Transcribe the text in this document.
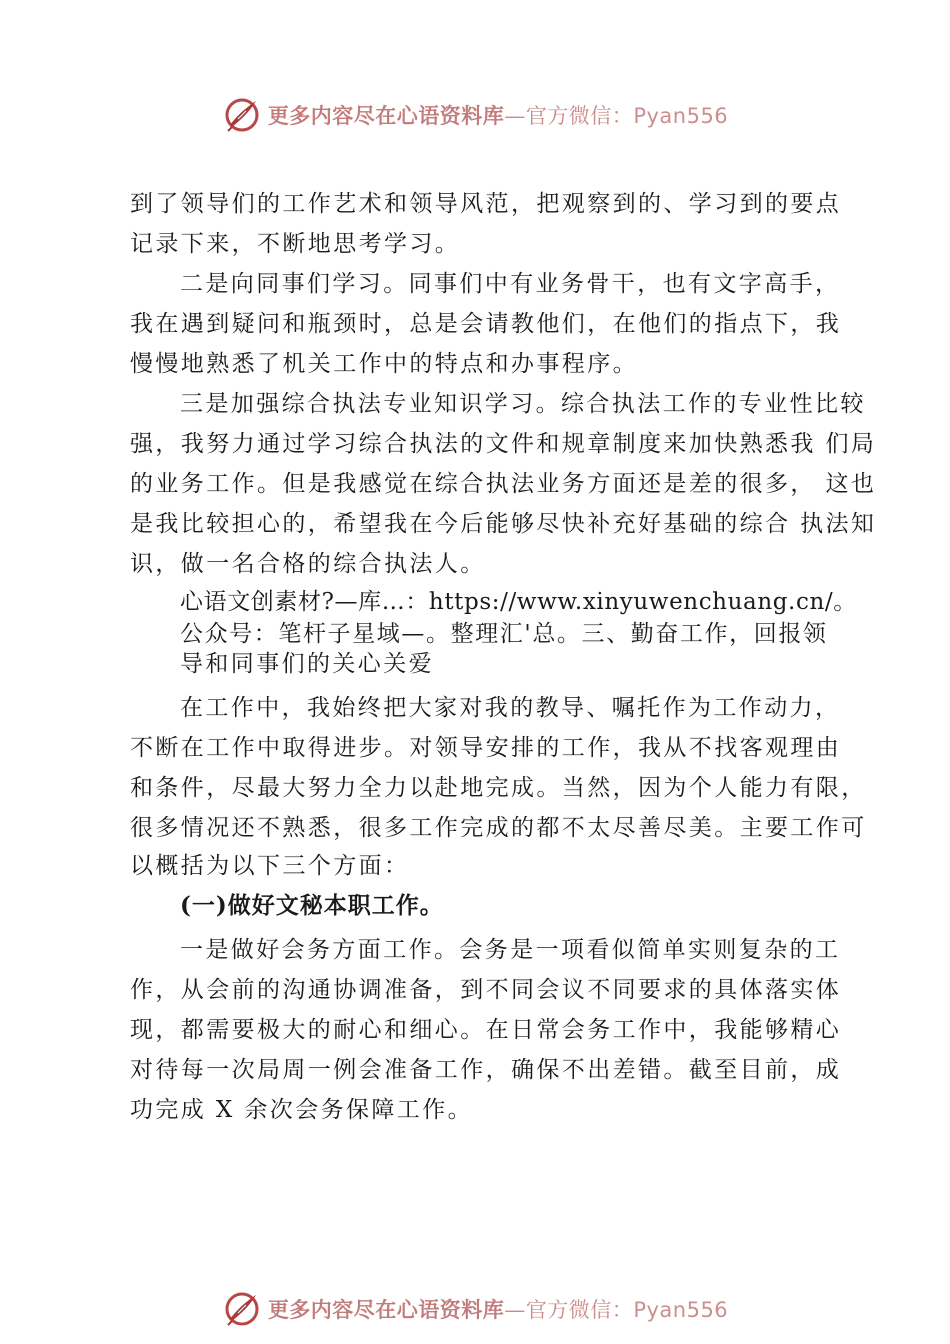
更多内容尽在心语资料库—官方微信：Pyan556
到了领导们的工作艺术和领导风范，把观察到的、学习到的要点
记录下来，不断地思考学习。
二是向同事们学习。同事们中有业务骨干，也有文字高手，
我在遇到疑问和瓶颈时，总是会请教他们，在他们的指点下，我
慢慢地熟悉了机关工作中的特点和办事程序。
三是加强综合执法专业知识学习。综合执法工作的专业性比较
强，我努力通过学习综合执法的文件和规章制度来加快熟悉我 们局
的业务工作。但是我感觉在综合执法业务方面还是差的很多， 这也
是我比较担心的，希望我在今后能够尽快补充好基础的综合 执法知
识，做一名合格的综合执法人。
心语文创素材?—库…：https://www.xinyuwenchuang.cn/。
公众号：笔杆子星域—。整理汇'总。三、勤奋工作，回报领
导和同事们的关心关爱
在工作中，我始终把大家对我的教导、嘱托作为工作动力，
不断在工作中取得进步。对领导安排的工作，我从不找客观理由
和条件，尽最大努力全力以赴地完成。当然，因为个人能力有限，
很多情况还不熟悉，很多工作完成的都不太尽善尽美。主要工作可
以概括为以下三个方面：
(一)做好文秘本职工作。
一是做好会务方面工作。会务是一项看似简单实则复杂的工
作，从会前的沟通协调准备，到不同会议不同要求的具体落实体
现，都需要极大的耐心和细心。在日常会务工作中，我能够精心
对待每一次局周一例会准备工作，确保不出差错。截至目前，成
功完成 X 余次会务保障工作。
更多内容尽在心语资料库—官方微信：Pyan556
